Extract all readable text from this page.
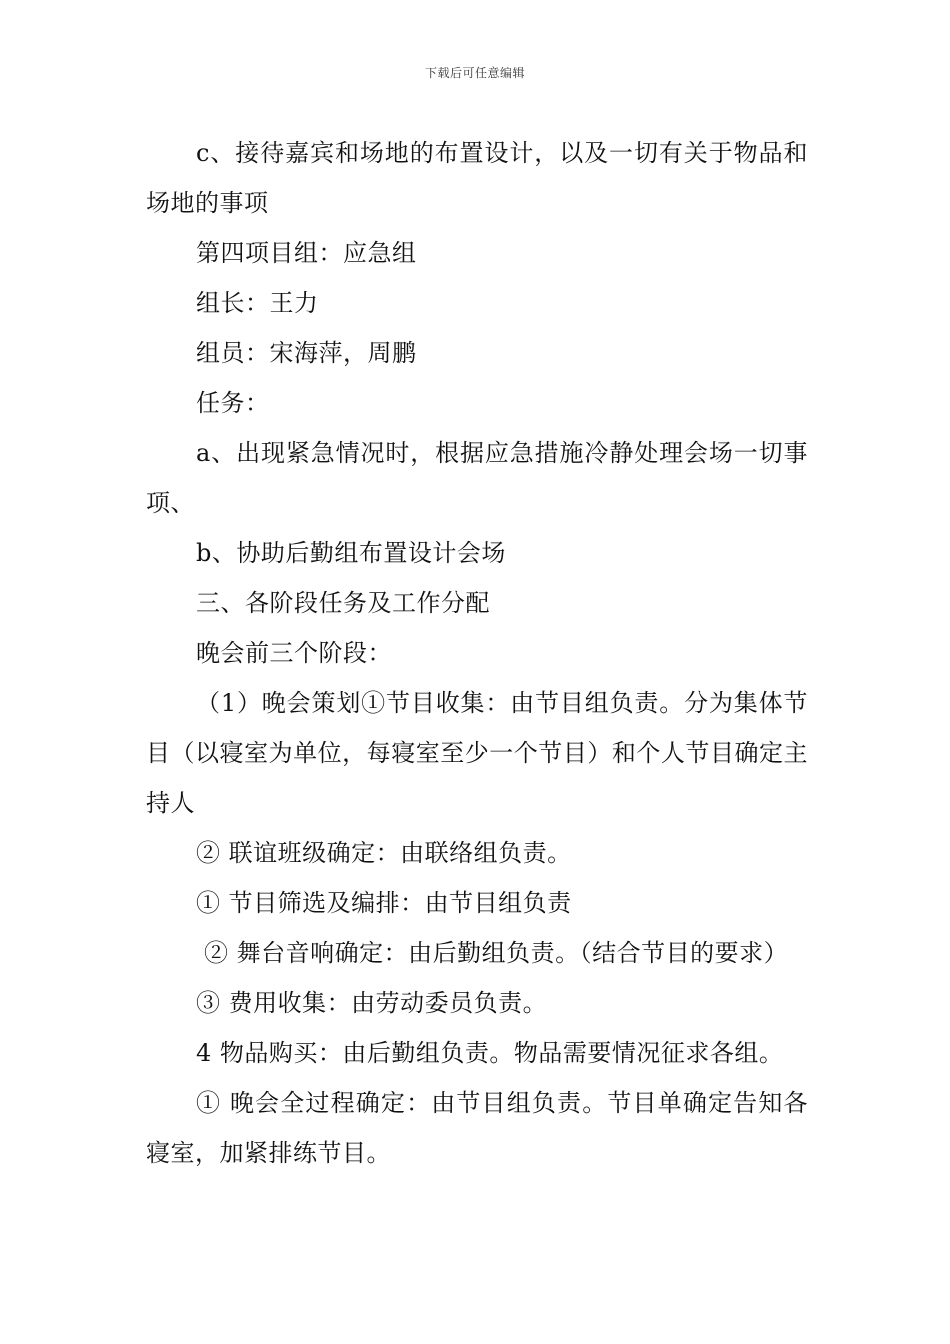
下载后可任意编辑

c、接待嘉宾和场地的布置设计，以及一切有关于物品和场地的事项

第四项目组：应急组

组长：王力

组员：宋海萍，周鹏

任务：

a、出现紧急情况时，根据应急措施冷静处理会场一切事项、

b、协助后勤组布置设计会场

三、各阶段任务及工作分配

晚会前三个阶段：

（1）晚会策划①节目收集：由节目组负责。分为集体节目（以寝室为单位，每寝室至少一个节目）和个人节目确定主持人

② 联谊班级确定：由联络组负责。

① 节目筛选及编排：由节目组负责

② 舞台音响确定：由后勤组负责。（结合节目的要求）

③ 费用收集：由劳动委员负责。

4 物品购买：由后勤组负责。物品需要情况征求各组。

① 晚会全过程确定：由节目组负责。节目单确定告知各寝室，加紧排练节目。
